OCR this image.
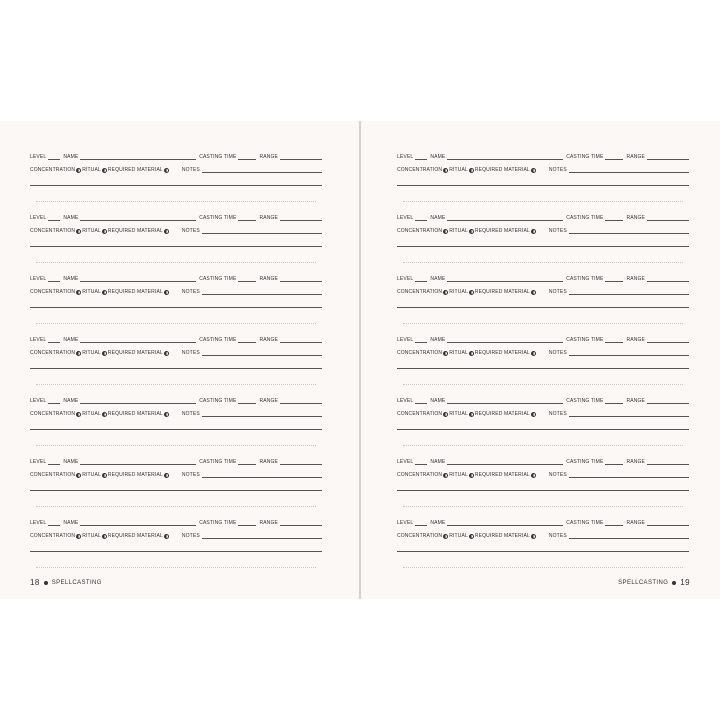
18 SPELLCASTING
LEVEL	NAME	CASTING TIME	RANGE
CONCENTRATION RITUAL REQUIRED MATERIAL	NOTES
LEVEL	NAME	CASTING TIME	RANGE
CONCENTRATION RITUAL REQUIRED MATERIAL	NOTES
LEVEL	NAME	CASTING TIME	RANGE
CONCENTRATION RITUAL REQUIRED MATERIAL	NOTES
LEVEL	NAME	CASTING TIME	RANGE
CONCENTRATION RITUAL REQUIRED MATERIAL	NOTES
LEVEL	NAME	CASTING TIME	RANGE
CONCENTRATION RITUAL REQUIRED MATERIAL	NOTES
LEVEL	NAME	CASTING TIME	RANGE
CONCENTRATION RITUAL REQUIRED MATERIAL	NOTES
LEVEL	NAME	CASTING TIME	RANGE
CONCENTRATION RITUAL REQUIRED MATERIAL	NOTES
SPELLCASTING 19
LEVEL	NAME	CASTING TIME	RANGE
CONCENTRATION RITUAL REQUIRED MATERIAL	NOTES
LEVEL	NAME	CASTING TIME	RANGE
CONCENTRATION RITUAL REQUIRED MATERIAL	NOTES
LEVEL	NAME	CASTING TIME	RANGE
CONCENTRATION RITUAL REQUIRED MATERIAL	NOTES
LEVEL	NAME	CASTING TIME	RANGE
CONCENTRATION RITUAL REQUIRED MATERIAL	NOTES
LEVEL	NAME	CASTING TIME	RANGE
CONCENTRATION RITUAL REQUIRED MATERIAL	NOTES
LEVEL	NAME	CASTING TIME	RANGE
CONCENTRATION RITUAL REQUIRED MATERIAL	NOTES
LEVEL	NAME	CASTING TIME	RANGE
CONCENTRATION RITUAL REQUIRED MATERIAL	NOTES
